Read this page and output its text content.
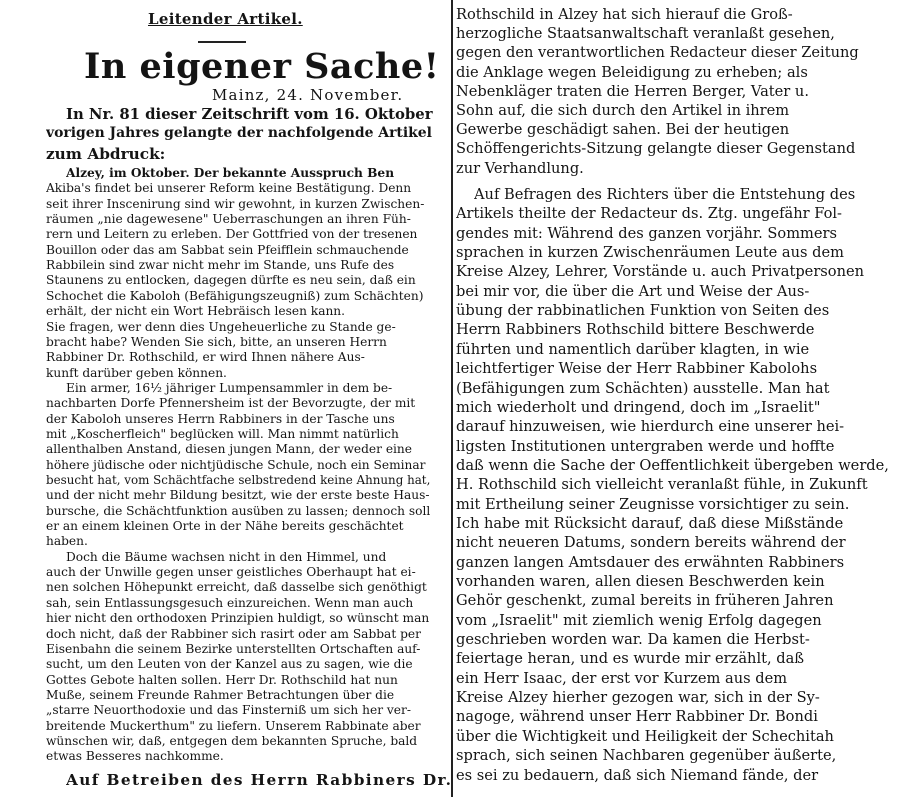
Leitender Artikel.
In eigener Sache!
Mainz, 24. November.
In Nr. 81 dieser Zeitschrift vom 16. Oktober
vorigen Jahres gelangte der nachfolgende Artikel
zum Abdruck:
Alzey, im Oktober. Der bekannte Ausspruch Ben
Akiba's findet bei unserer Reform keine Bestätigung. Denn
seit ihrer Inscenirung sind wir gewohnt, in kurzen Zwischen-
räumen „nie dagewesene" Ueberraschungen an ihren Füh-
rern und Leitern zu erleben. Der Gottfried von der tresenen
Bouillon oder das am Sabbat sein Pfeifflein schmauchende
Rabbilein sind zwar nicht mehr im Stande, uns Rufe des
Staunens zu entlocken, dagegen dürfte es neu sein, daß ein
Schochet die Kaboloh (Befähigungszeugniß) zum Schächten)
erhält, der nicht ein Wort Hebräisch lesen kann.
Sie fragen, wer denn dies Ungeheuerliche zu Stande ge-
bracht habe? Wenden Sie sich, bitte, an unseren Herrn
Rabbiner Dr. Rothschild, er wird Ihnen nähere Aus-
kunft darüber geben können.
Ein armer, 16½ jähriger Lumpensammler in dem be-
nachbarten Dorfe Pfennersheim ist der Bevorzugte, der mit
der Kaboloh unseres Herrn Rabbiners in der Tasche uns
mit „Koscherfleich" beglücken will. Man nimmt natürlich
allenthalben Anstand, diesen jungen Mann, der weder eine
höhere jüdische oder nichtjüdische Schule, noch ein Seminar
besucht hat, vom Schächtfache selbstredend keine Ahnung hat,
und der nicht mehr Bildung besitzt, wie der erste beste Haus-
bursche, die Schächtfunktion ausüben zu lassen; dennoch soll
er an einem kleinen Orte in der Nähe bereits geschächtet
haben.
Doch die Bäume wachsen nicht in den Himmel, und
auch der Unwille gegen unser geistliches Oberhaupt hat ei-
nen solchen Höhepunkt erreicht, daß dasselbe sich genöthigt
sah, sein Entlassungsgesuch einzureichen. Wenn man auch
hier nicht den orthodoxen Prinzipien huldigt, so wünscht man
doch nicht, daß der Rabbiner sich rasirt oder am Sabbat per
Eisenbahn die seinem Bezirke unterstellten Ortschaften auf-
sucht, um den Leuten von der Kanzel aus zu sagen, wie die
Gottes Gebote halten sollen. Herr Dr. Rothschild hat nun
Muße, seinem Freunde Rahmer Betrachtungen über die
„starre Neuorthodoxie und das Finsterniß um sich her ver-
breitende Muckerthum" zu liefern. Unserem Rabbinate aber
wünschen wir, daß, entgegen dem bekannten Spruche, bald
etwas Besseres nachkomme.
Auf Betreiben des Herrn Rabbiners Dr.
Rothschild in Alzey hat sich hierauf die Groß-
herzogliche Staatsanwaltschaft veranlaßt gesehen,
gegen den verantwortlichen Redacteur dieser Zeitung
die Anklage wegen Beleidigung zu erheben; als
Nebenkläger traten die Herren Berger, Vater u.
Sohn auf, die sich durch den Artikel in ihrem
Gewerbe geschädigt sahen. Bei der heutigen
Schöffengerichts-Sitzung gelangte dieser Gegenstand
zur Verhandlung.
Auf Befragen des Richters über die Entstehung des
Artikels theilte der Redacteur ds. Ztg. ungefähr Fol-
gendes mit: Während des ganzen vorjähr. Sommers
sprachen in kurzen Zwischenräumen Leute aus dem
Kreise Alzey, Lehrer, Vorstände u. auch Privatpersonen
bei mir vor, die über die Art und Weise der Aus-
übung der rabbinatlichen Funktion von Seiten des
Herrn Rabbiners Rothschild bittere Beschwerde
führten und namentlich darüber klagten, in wie
leichtfertiger Weise der Herr Rabbiner Kabolohs
(Befähigungen zum Schächten) ausstelle. Man hat
mich wiederholt und dringend, doch im „Israelit"
darauf hinzuweisen, wie hierdurch eine unserer hei-
ligsten Institutionen untergraben werde und hoffte
daß wenn die Sache der Oeffentlichkeit übergeben werde,
H. Rothschild sich vielleicht veranlaßt fühle, in Zukunft
mit Ertheilung seiner Zeugnisse vorsichtiger zu sein.
Ich habe mit Rücksicht darauf, daß diese Mißstände
nicht neueren Datums, sondern bereits während der
ganzen langen Amtsdauer des erwähnten Rabbiners
vorhanden waren, allen diesen Beschwerden kein
Gehör geschenkt, zumal bereits in früheren Jahren
vom „Israelit" mit ziemlich wenig Erfolg dagegen
geschrieben worden war. Da kamen die Herbst-
feiertage heran, und es wurde mir erzählt, daß
ein Herr Isaac, der erst vor Kurzem aus dem
Kreise Alzey hierher gezogen war, sich in der Sy-
nagoge, während unser Herr Rabbiner Dr. Bondi
über die Wichtigkeit und Heiligkeit der Schechitah
sprach, sich seinen Nachbaren gegenüber äußerte,
es sei zu bedauern, daß sich Niemand fände, der
